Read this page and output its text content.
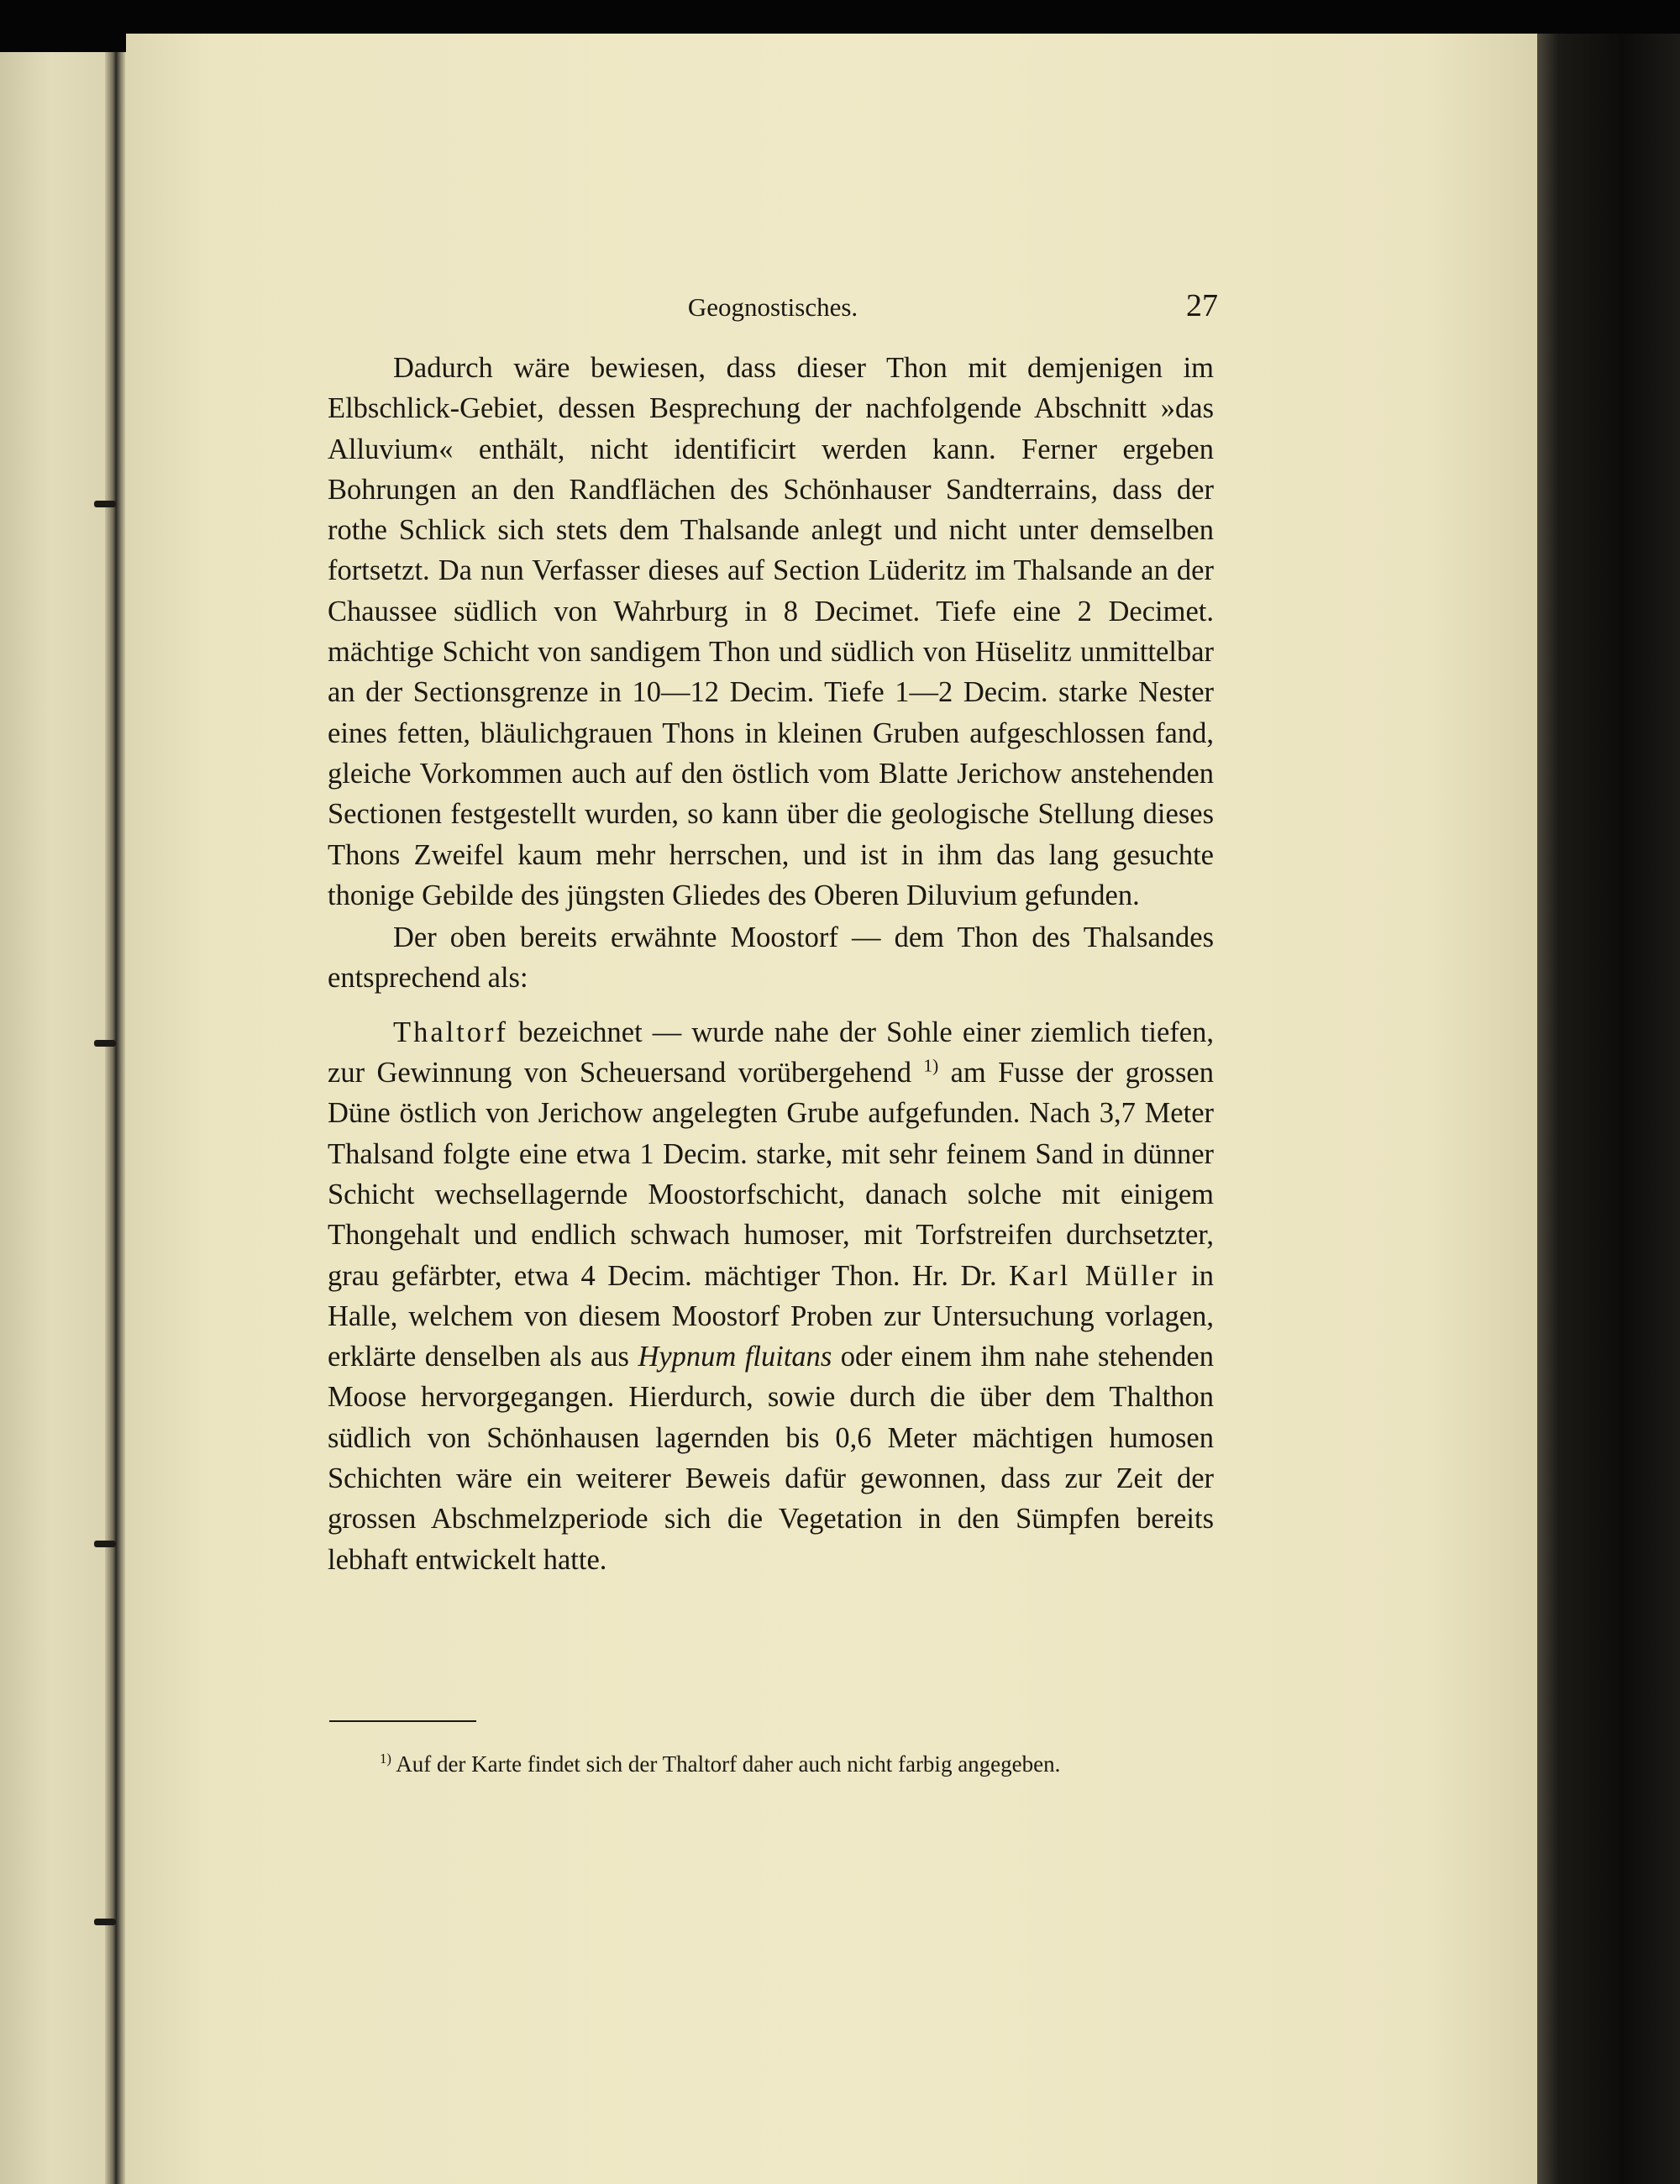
Geognostisches.	27

Dadurch wäre bewiesen, dass dieser Thon mit demjenigen im Elbschlick-Gebiet, dessen Besprechung der nachfolgende Abschnitt »das Alluvium« enthält, nicht identificirt werden kann. Ferner ergeben Bohrungen an den Randflächen des Schönhauser Sandterrains, dass der rothe Schlick sich stets dem Thalsande anlegt und nicht unter demselben fortsetzt. Da nun Verfasser dieses auf Section Lüderitz im Thalsande an der Chaussee südlich von Wahrburg in 8 Decimet. Tiefe eine 2 Decimet. mächtige Schicht von sandigem Thon und südlich von Hüselitz unmittelbar an der Sectionsgrenze in 10—12 Decim. Tiefe 1—2 Decim. starke Nester eines fetten, bläulichgrauen Thons in kleinen Gruben aufgeschlossen fand, gleiche Vorkommen auch auf den östlich vom Blatte Jerichow anstehenden Sectionen festgestellt wurden, so kann über die geologische Stellung dieses Thons Zweifel kaum mehr herrschen, und ist in ihm das lang gesuchte thonige Gebilde des jüngsten Gliedes des Oberen Diluvium gefunden.

Der oben bereits erwähnte Moostorf — dem Thon des Thalsandes entsprechend als:

Thaltorf bezeichnet — wurde nahe der Sohle einer ziemlich tiefen, zur Gewinnung von Scheuersand vorübergehend $^{1)}$ am Fusse der grossen Düne östlich von Jerichow angelegten Grube aufgefunden. Nach 3,7 Meter Thalsand folgte eine etwa 1 Decim. starke, mit sehr feinem Sand in dünner Schicht wechsellagernde Moostorfschicht, danach solche mit einigem Thongehalt und endlich schwach humoser, mit Torfstreifen durchsetzter, grau gefärbter, etwa 4 Decim. mächtiger Thon. Hr. Dr. Karl Müller in Halle, welchem von diesem Moostorf Proben zur Untersuchung vorlagen, erklärte denselben als aus Hypnum fluitans oder einem ihm nahe stehenden Moose hervorgegangen. Hierdurch, sowie durch die über dem Thalthon südlich von Schönhausen lagernden bis 0,6 Meter mächtigen humosen Schichten wäre ein weiterer Beweis dafür gewonnen, dass zur Zeit der grossen Abschmelzperiode sich die Vegetation in den Sümpfen bereits lebhaft entwickelt hatte.

$^{1)}$ Auf der Karte findet sich der Thaltorf daher auch nicht farbig angegeben.
